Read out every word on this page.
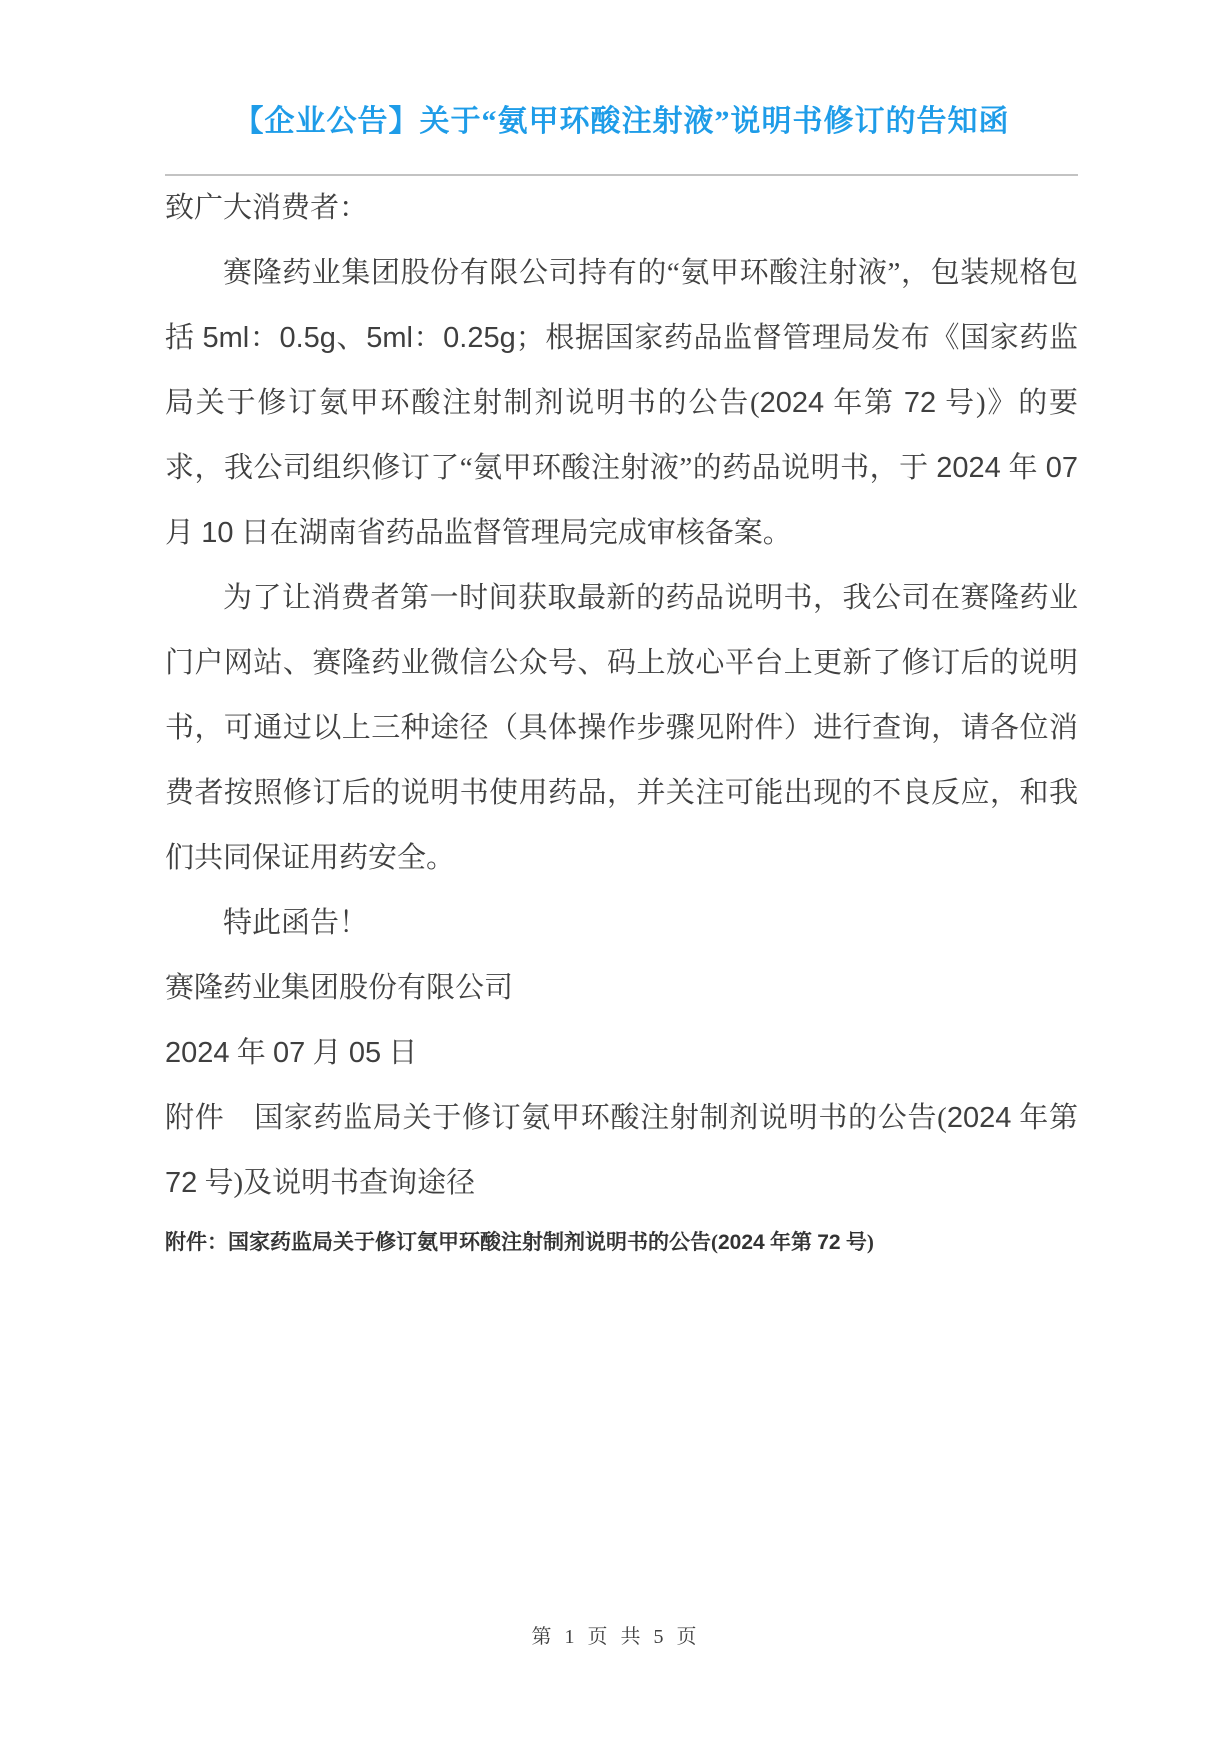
【企业公告】关于“氨甲环酸注射液”说明书修订的告知函

致广大消费者：

赛隆药业集团股份有限公司持有的“氨甲环酸注射液”，包装规格包括 5ml：0.5g、5ml：0.25g；根据国家药品监督管理局发布《国家药监局关于修订氨甲环酸注射制剂说明书的公告(2024 年第 72 号)》的要求，我公司组织修订了“氨甲环酸注射液”的药品说明书，于 2024 年 07 月 10 日在湖南省药品监督管理局完成审核备案。

为了让消费者第一时间获取最新的药品说明书，我公司在赛隆药业门户网站、赛隆药业微信公众号、码上放心平台上更新了修订后的说明书，可通过以上三种途径（具体操作步骤见附件）进行查询，请各位消费者按照修订后的说明书使用药品，并关注可能出现的不良反应，和我们共同保证用药安全。

特此函告！

赛隆药业集团股份有限公司

2024 年 07 月 05 日

附件　国家药监局关于修订氨甲环酸注射制剂说明书的公告(2024 年第 72 号)及说明书查询途径

附件：国家药监局关于修订氨甲环酸注射制剂说明书的公告(2024 年第 72 号)

第 1 页 共 5 页
